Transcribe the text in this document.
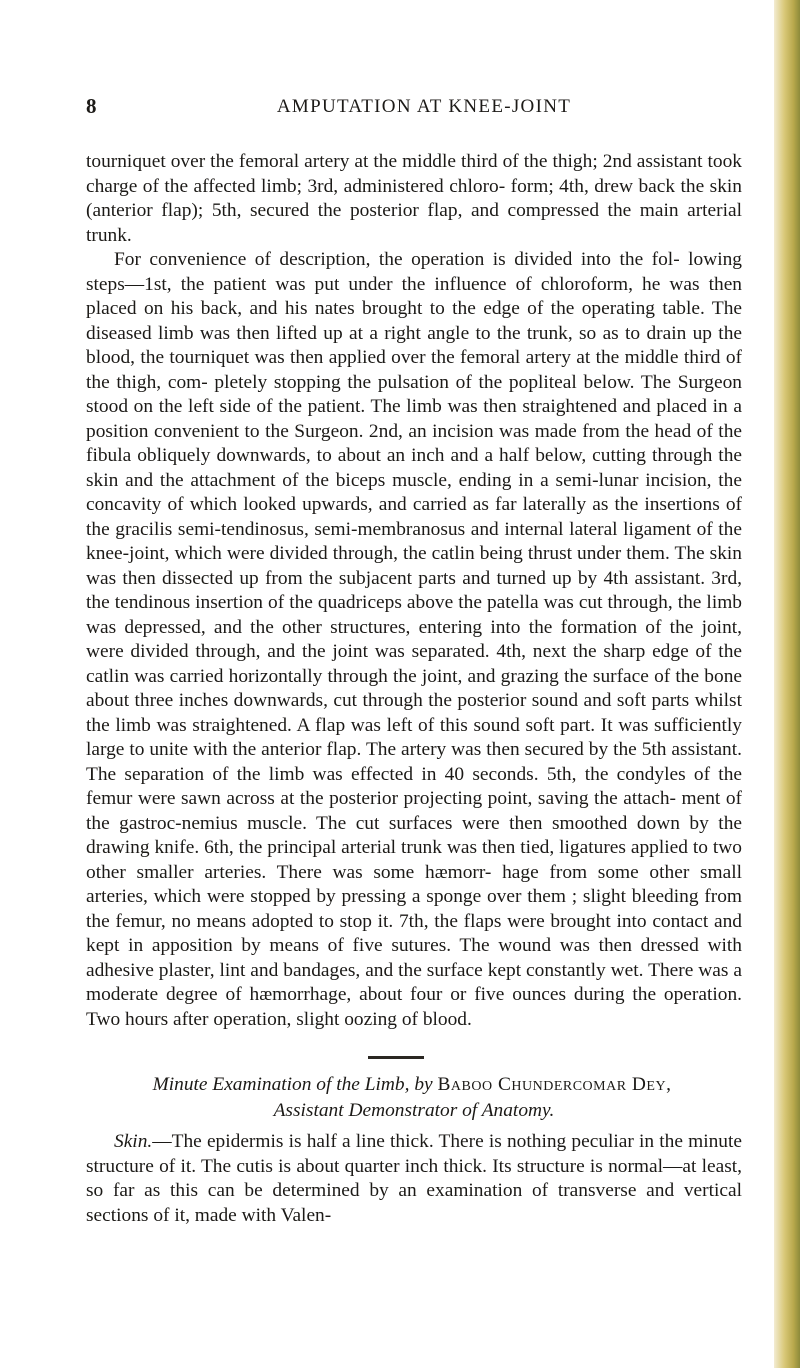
8	AMPUTATION AT KNEE-JOINT

tourniquet over the femoral artery at the middle third of the thigh; 2nd assistant took charge of the affected limb; 3rd, administered chloro- form; 4th, drew back the skin (anterior flap); 5th, secured the posterior flap, and compressed the main arterial trunk.

For convenience of description, the operation is divided into the fol- lowing steps—1st, the patient was put under the influence of chloroform, he was then placed on his back, and his nates brought to the edge of the operating table. The diseased limb was then lifted up at a right angle to the trunk, so as to drain up the blood, the tourniquet was then applied over the femoral artery at the middle third of the thigh, com- pletely stopping the pulsation of the popliteal below. The Surgeon stood on the left side of the patient. The limb was then straightened and placed in a position convenient to the Surgeon. 2nd, an incision was made from the head of the fibula obliquely downwards, to about an inch and a half below, cutting through the skin and the attachment of the biceps muscle, ending in a semi-lunar incision, the concavity of which looked upwards, and carried as far laterally as the insertions of the gracilis semi-tendinosus, semi-membranosus and internal lateral ligament of the knee-joint, which were divided through, the catlin being thrust under them. The skin was then dissected up from the subjacent parts and turned up by 4th assistant. 3rd, the tendinous insertion of the quadriceps above the patella was cut through, the limb was depressed, and the other structures, entering into the formation of the joint, were divided through, and the joint was separated. 4th, next the sharp edge of the catlin was carried horizontally through the joint, and grazing the surface of the bone about three inches downwards, cut through the posterior sound and soft parts whilst the limb was straightened. A flap was left of this sound soft part. It was sufficiently large to unite with the anterior flap. The artery was then secured by the 5th assistant. The separation of the limb was effected in 40 seconds. 5th, the condyles of the femur were sawn across at the posterior projecting point, saving the attach- ment of the gastroc-nemius muscle. The cut surfaces were then smoothed down by the drawing knife. 6th, the principal arterial trunk was then tied, ligatures applied to two other smaller arteries. There was some hæmorr- hage from some other small arteries, which were stopped by pressing a sponge over them ; slight bleeding from the femur, no means adopted to stop it. 7th, the flaps were brought into contact and kept in apposition by means of five sutures. The wound was then dressed with adhesive plaster, lint and bandages, and the surface kept constantly wet. There was a moderate degree of hæmorrhage, about four or five ounces during the operation. Two hours after operation, slight oozing of blood.

Minute Examination of the Limb, by Baboo Chundercomar Dey,
Assistant Demonstrator of Anatomy.

Skin.—The epidermis is half a line thick. There is nothing peculiar in the minute structure of it. The cutis is about quarter inch thick. Its structure is normal—at least, so far as this can be determined by an examination of transverse and vertical sections of it, made with Valen-
